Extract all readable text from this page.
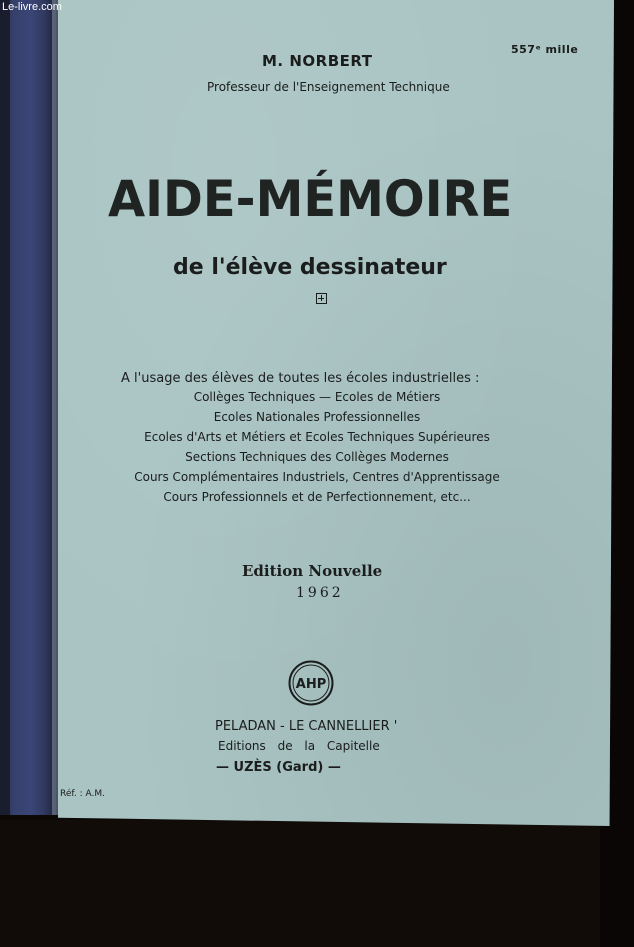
Le-livre.com
557ᵉ mille
M. NORBERT
Professeur de l'Enseignement Technique
AIDE-MÉMOIRE
de l'élève dessinateur
A l'usage des élèves de toutes les écoles industrielles :
Collèges Techniques — Ecoles de Métiers
Ecoles Nationales Professionnelles
Ecoles d'Arts et Métiers et Ecoles Techniques Supérieures
Sections Techniques des Collèges Modernes
Cours Complémentaires Industriels, Centres d'Apprentissage
Cours Professionnels et de Perfectionnement, etc...
Edition Nouvelle
1962
AHP
PELADAN - LE CANNELLIER '
Editions de la Capitelle
— UZÈS (Gard) —
Réf. : A.M.
